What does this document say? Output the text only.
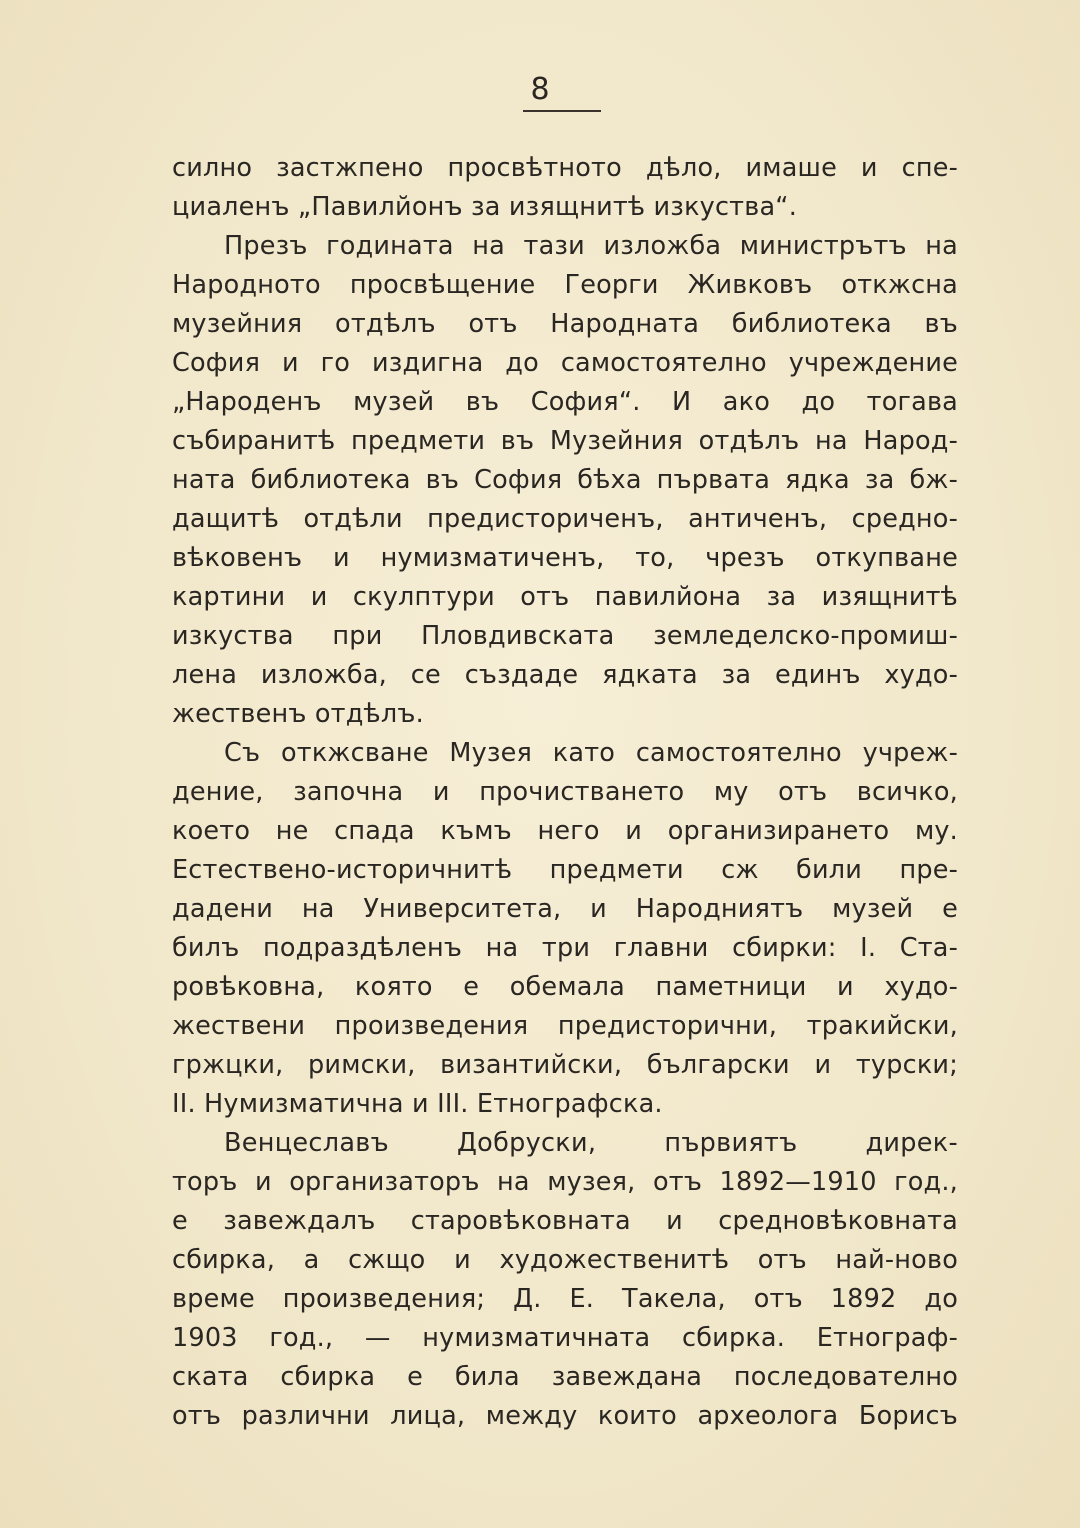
8
силно застжпено просвѣтното дѣло, имаше и спе-
циаленъ „Павилйонъ за изящнитѣ изкуства“.
Презъ годината на тази изложба министрътъ на
Народното просвѣщение Георги Живковъ откжсна
музейния отдѣлъ отъ Народната библиотека въ
София и го издигна до самостоятелно учреждение
„Народенъ музей въ София“. И ако до тогава
събиранитѣ предмети въ Музейния отдѣлъ на Народ-
ната библиотека въ София бѣха първата ядка за бж-
дащитѣ отдѣли предисториченъ, античенъ, средно-
вѣковенъ и нумизматиченъ, то, чрезъ откупване
картини и скулптури отъ павилйона за изящнитѣ
изкуства при Пловдивската земледелско-промиш-
лена изложба, се създаде ядката за единъ худо-
жественъ отдѣлъ.
Съ откжсване Музея като самостоятелно учреж-
дение, започна и прочистването му отъ всичко,
което не спада къмъ него и организирането му.
Естествено-историчнитѣ предмети сж били пре-
дадени на Университета, и Народниятъ музей е
билъ подраздѣленъ на три главни сбирки: I. Ста-
ровѣковна, която е обемала паметници и худо-
жествени произведения предисторични, тракийски,
гржцки, римски, византийски, български и турски;
II. Нумизматична и III. Етнографска.
Венцеславъ Добруски, първиятъ дирек-
торъ и организаторъ на музея, отъ 1892—1910 год.,
е завеждалъ старовѣковната и средновѣковната
сбирка, а сжщо и художественитѣ отъ най-ново
време произведения; Д. Е. Такела, отъ 1892 до
1903 год., — нумизматичната сбирка. Етнограф-
ската сбирка е била завеждана последователно
отъ различни лица, между които археолога Борисъ
